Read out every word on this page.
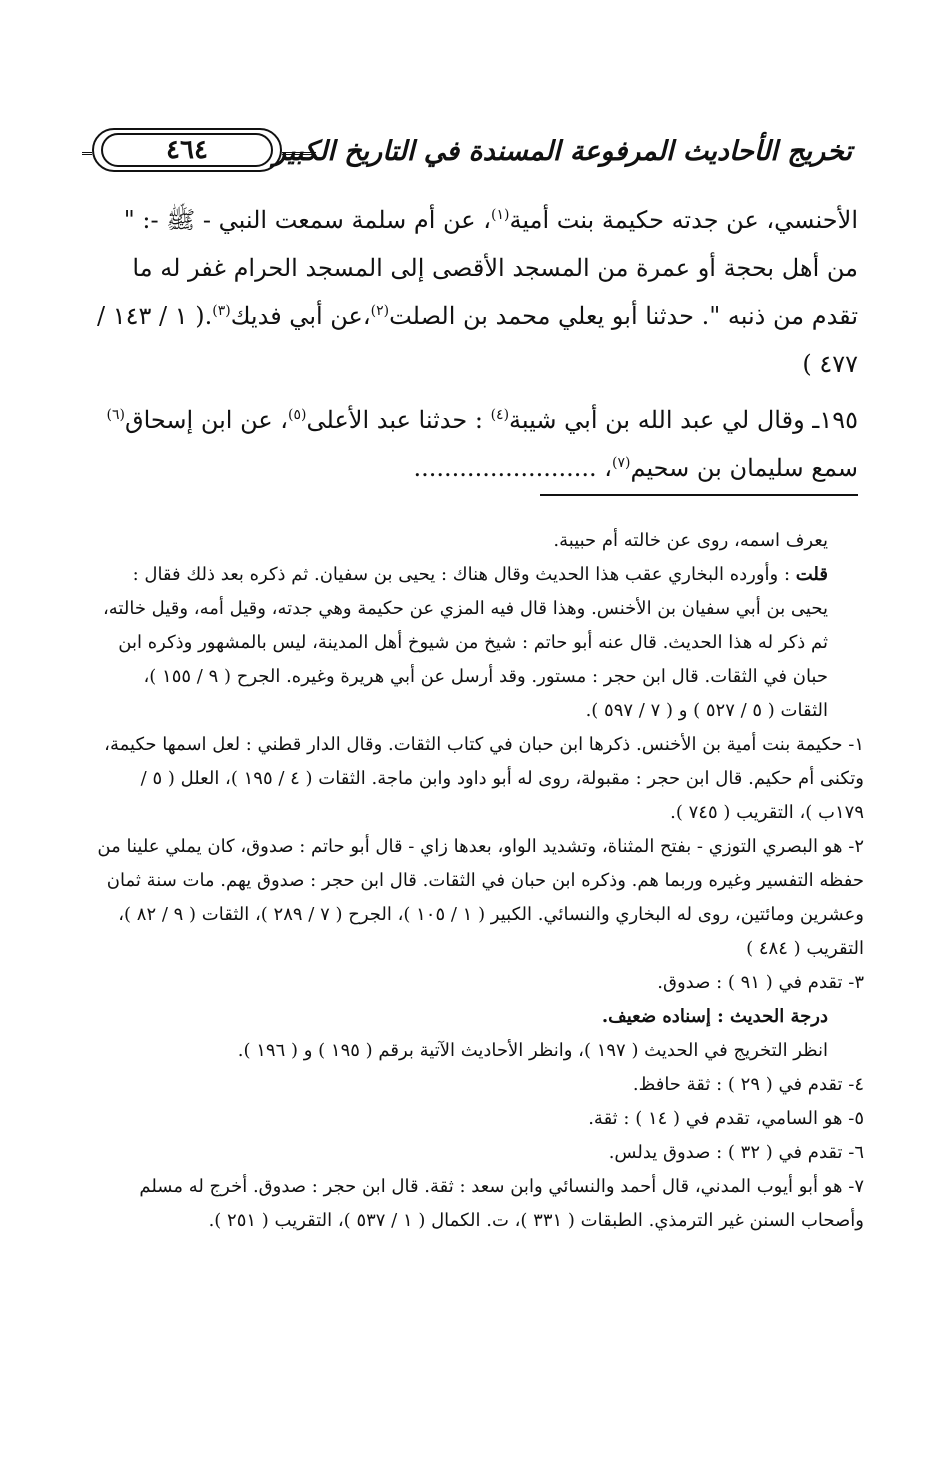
٤٦٤ تخريج الأحاديث المرفوعة المسندة في التاريخ الكبير

الأحنسي، عن جدته حكيمة بنت أمية$^{(١)}$، عن أم سلمة سمعت النبي - ﷺ -: " من أهل بحجة أو عمرة من المسجد الأقصى إلى المسجد الحرام غفر له ما تقدم من ذنبه ". حدثنا أبو يعلي محمد بن الصلت$^{(٢)}$،عن أبي فديك$^{(٣)}$.( ١ / ١٤٣ / ٤٧٧ )

١٩٥ـ وقال لي عبد الله بن أبي شيبة$^{(٤)}$ : حدثنا عبد الأعلى$^{(٥)}$، عن ابن إسحاق$^{(٦)}$ سمع سليمان بن سحيم$^{(٧)}$، ........................

يعرف اسمه، روى عن خالته أم حبيبة.

قلت : وأورده البخاري عقب هذا الحديث وقال هناك : يحيى بن سفيان. ثم ذكره بعد ذلك فقال : يحيى بن أبي سفيان بن الأخنس. وهذا قال فيه المزي عن حكيمة وهي جدته، وقيل أمه، وقيل خالته، ثم ذكر له هذا الحديث. قال عنه أبو حاتم : شيخ من شيوخ أهل المدينة، ليس بالمشهور وذكره ابن حبان في الثقات. قال ابن حجر : مستور. وقد أرسل عن أبي هريرة وغيره. الجرح ( ٩ / ١٥٥ )، الثقات ( ٥ / ٥٢٧ ) و ( ٧ / ٥٩٧ ).

١- حكيمة بنت أمية بن الأخنس. ذكرها ابن حبان في كتاب الثقات. وقال الدار قطني : لعل اسمها حكيمة، وتكنى أم حكيم. قال ابن حجر : مقبولة، روى له أبو داود وابن ماجة. الثقات ( ٤ / ١٩٥ )، العلل ( ٥ / ١٧٩ب )، التقريب ( ٧٤٥ ).

٢- هو البصري التوزي - بفتح المثناة، وتشديد الواو، بعدها زاي - قال أبو حاتم : صدوق، كان يملي علينا من حفظه التفسير وغيره وربما هم. وذكره ابن حبان في الثقات. قال ابن حجر : صدوق يهم. مات سنة ثمان وعشرين ومائتين، روى له البخاري والنسائي. الكبير ( ١ / ١٠٥ )، الجرح ( ٧ / ٢٨٩ )، الثقات ( ٩ / ٨٢ )، التقريب ( ٤٨٤ )

٣- تقدم في ( ٩١ ) : صدوق.

درجة الحديث : إسناده ضعيف.

انظر التخريج في الحديث ( ١٩٧ )، وانظر الأحاديث الآتية برقم ( ١٩٥ ) و ( ١٩٦ ).

٤- تقدم في ( ٢٩ ) : ثقة حافظ.

٥- هو السامي، تقدم في ( ١٤ ) : ثقة.

٦- تقدم في ( ٣٢ ) : صدوق يدلس.

٧- هو أبو أيوب المدني، قال أحمد والنسائي وابن سعد : ثقة. قال ابن حجر : صدوق. أخرج له مسلم وأصحاب السنن غير الترمذي. الطبقات ( ٣٣١ )، ت. الكمال ( ١ / ٥٣٧ )، التقريب ( ٢٥١ ).
